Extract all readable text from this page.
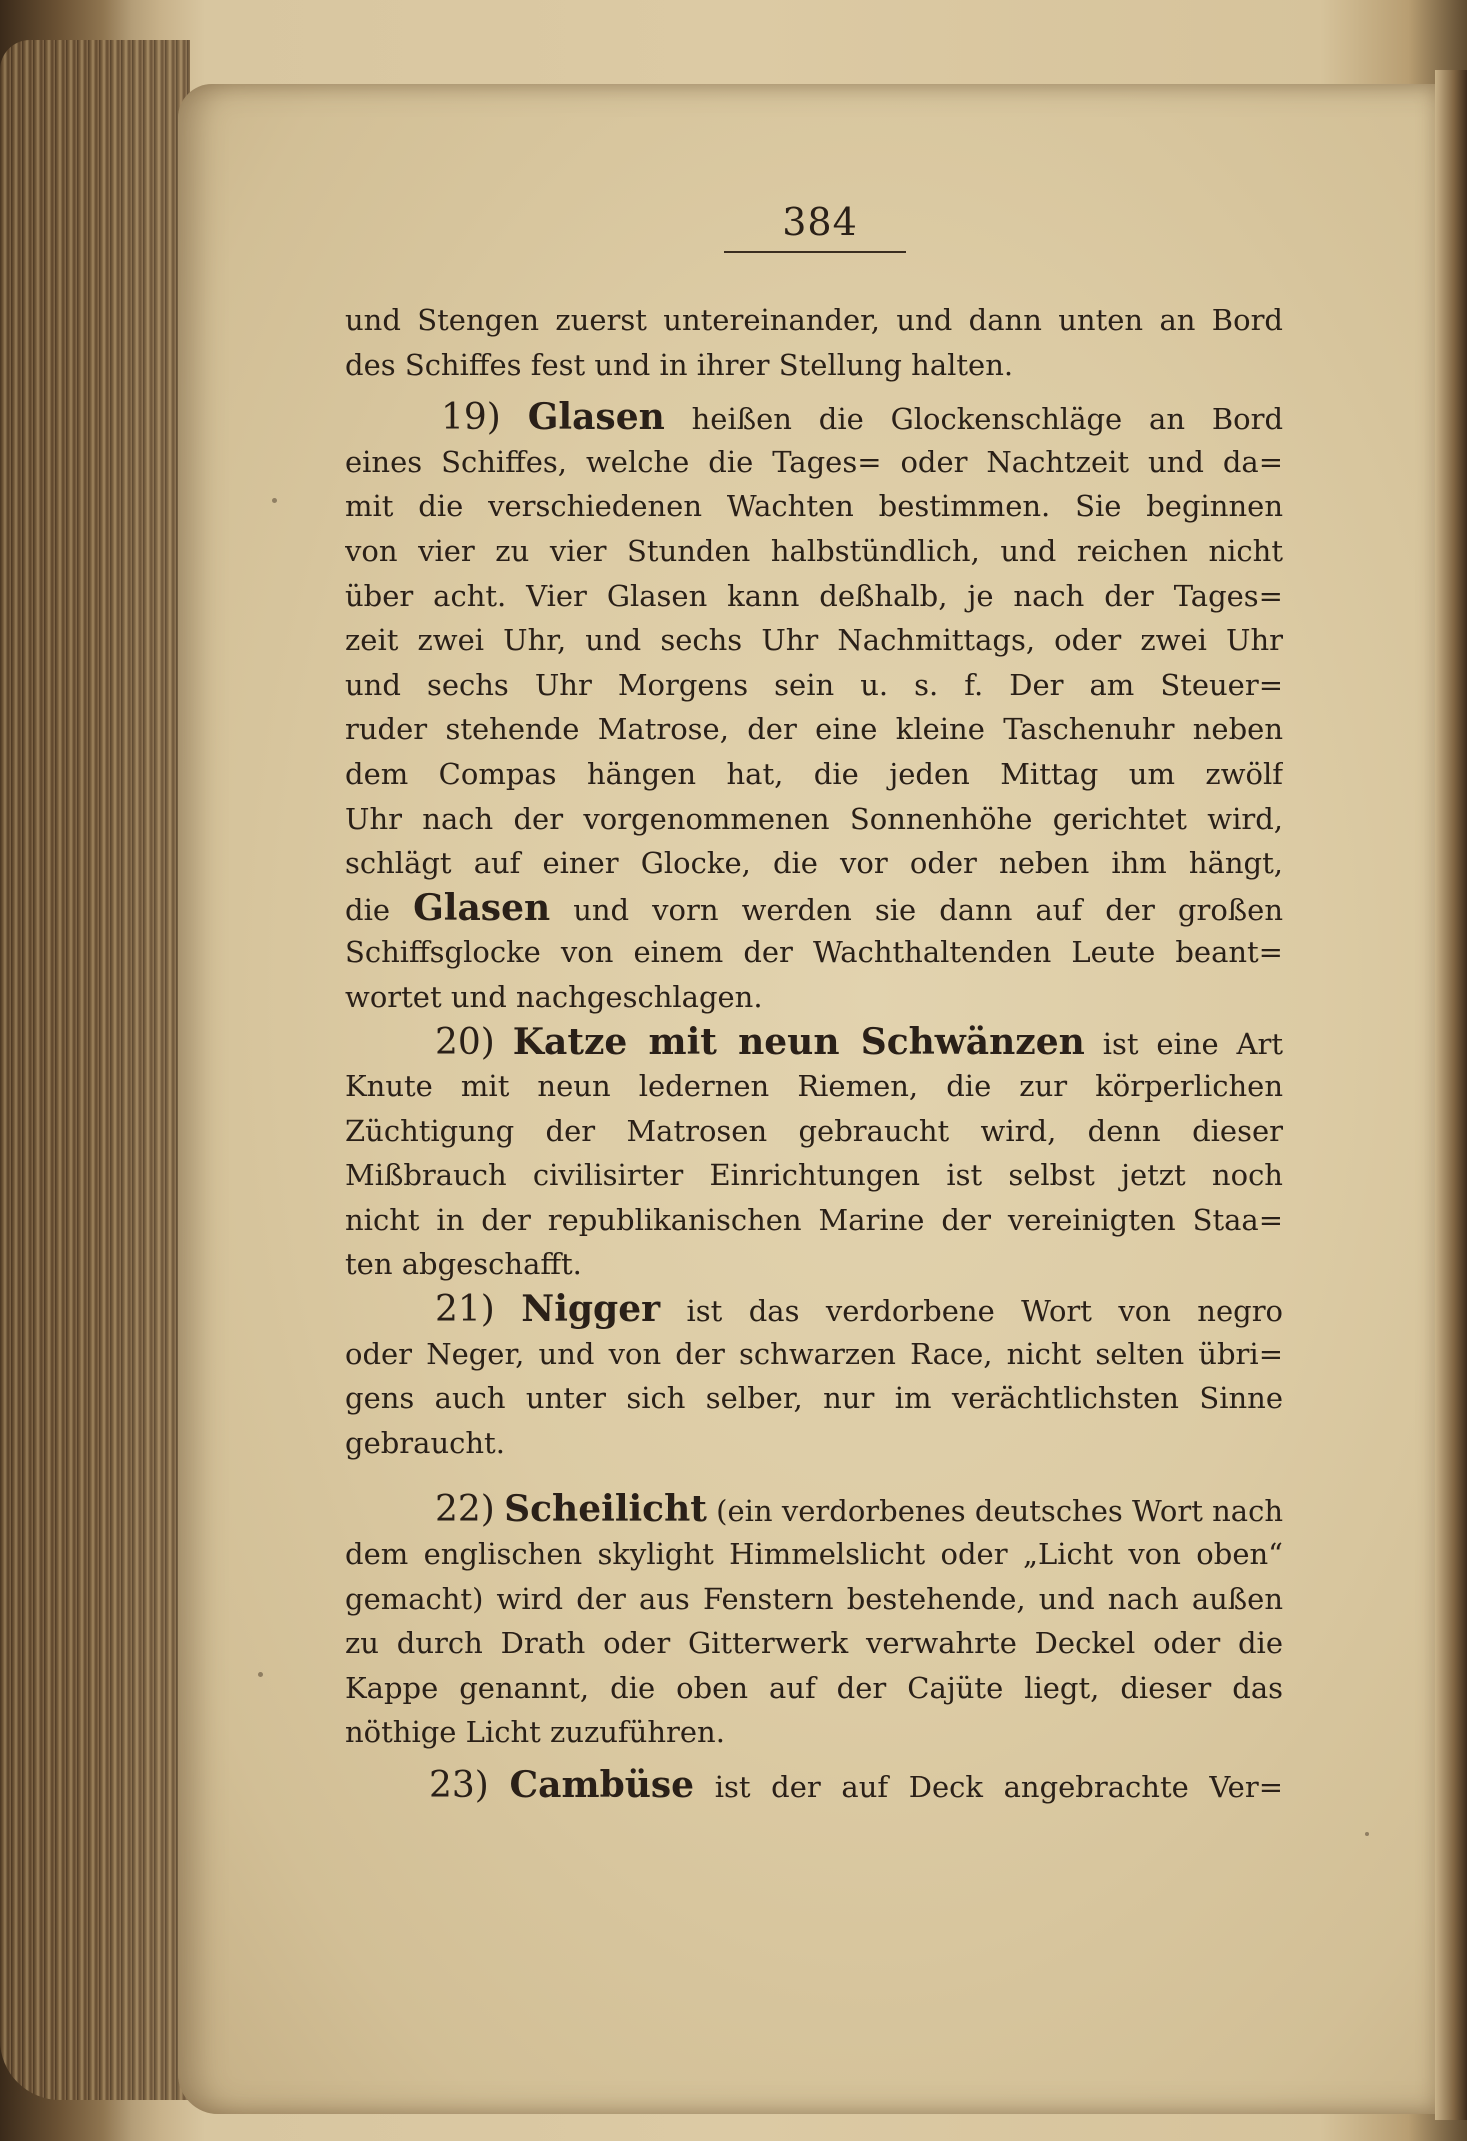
384
und Stengen zuerst untereinander, und dann unten an Bord
des Schiffes fest und in ihrer Stellung halten.
19) Glasen heißen die Glockenschläge an Bord
eines Schiffes, welche die Tages= oder Nachtzeit und da=
mit die verschiedenen Wachten bestimmen. Sie beginnen
von vier zu vier Stunden halbstündlich, und reichen nicht
über acht. Vier Glasen kann deßhalb, je nach der Tages=
zeit zwei Uhr, und sechs Uhr Nachmittags, oder zwei Uhr
und sechs Uhr Morgens sein u. s. f. Der am Steuer=
ruder stehende Matrose, der eine kleine Taschenuhr neben
dem Compas hängen hat, die jeden Mittag um zwölf
Uhr nach der vorgenommenen Sonnenhöhe gerichtet wird,
schlägt auf einer Glocke, die vor oder neben ihm hängt,
die Glasen und vorn werden sie dann auf der großen
Schiffsglocke von einem der Wachthaltenden Leute beant=
wortet und nachgeschlagen.
20) Katze mit neun Schwänzen ist eine Art
Knute mit neun ledernen Riemen, die zur körperlichen
Züchtigung der Matrosen gebraucht wird, denn dieser
Mißbrauch civilisirter Einrichtungen ist selbst jetzt noch
nicht in der republikanischen Marine der vereinigten Staa=
ten abgeschafft.
21) Nigger ist das verdorbene Wort von negro
oder Neger, und von der schwarzen Race, nicht selten übri=
gens auch unter sich selber, nur im verächtlichsten Sinne
gebraucht.
22) Scheilicht (ein verdorbenes deutsches Wort nach
dem englischen skylight Himmelslicht oder „Licht von oben“
gemacht) wird der aus Fenstern bestehende, und nach außen
zu durch Drath oder Gitterwerk verwahrte Deckel oder die
Kappe genannt, die oben auf der Cajüte liegt, dieser das
nöthige Licht zuzuführen.
23) Cambüse ist der auf Deck angebrachte Ver=
